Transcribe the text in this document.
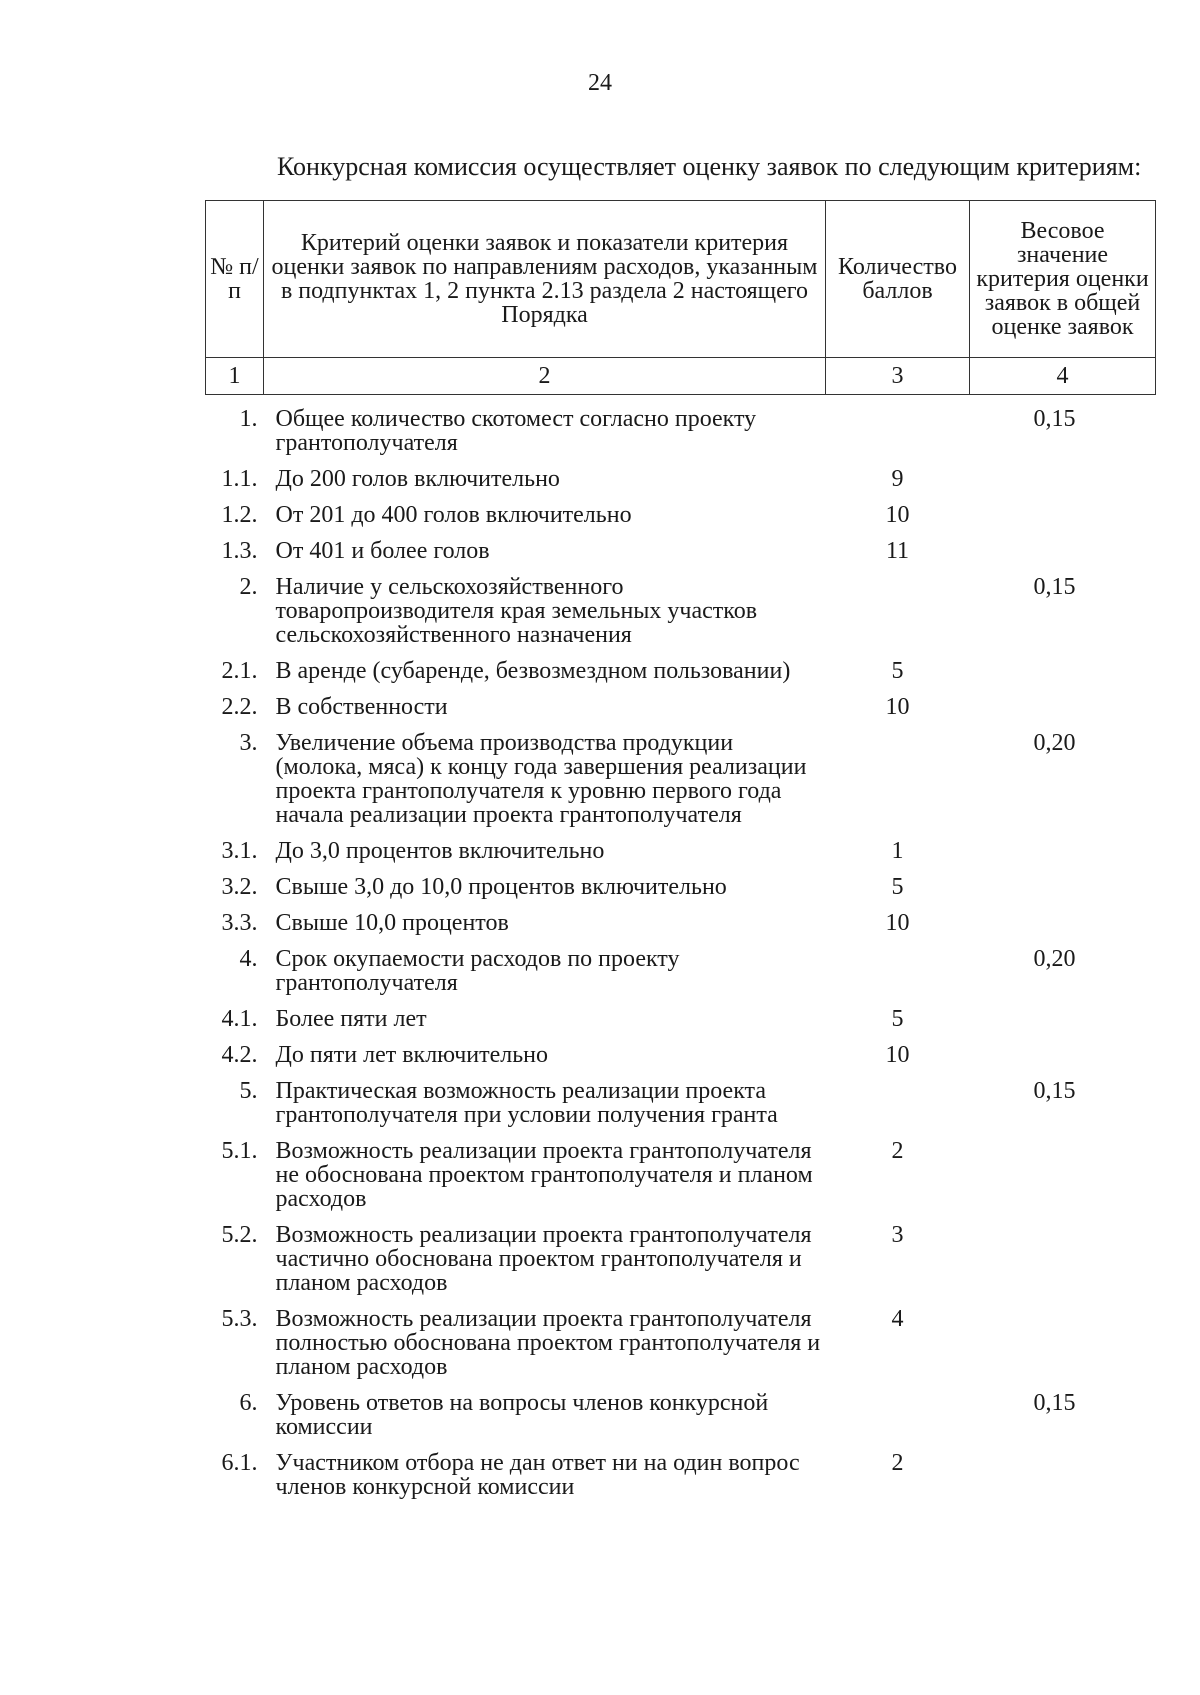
24

Конкурсная комиссия осуществляет оценку заявок по следующим критериям:

№ п/п	Критерий оценки заявок и показатели критерия оценки заявок по направлениям расходов, указанным в подпунктах 1, 2 пункта 2.13 раздела 2 настоящего Порядка	Количество баллов	Весовое значение критерия оценки заявок в общей оценке заявок
1	2	3	4
1.	Общее количество скотомест согласно проекту грантополучателя		0,15
1.1.	До 200 голов включительно	9	
1.2.	От 201 до 400 голов включительно	10	
1.3.	От 401 и более голов	11	
2.	Наличие у сельскохозяйственного товаропроизводителя края земельных участков сельскохозяйственного назначения		0,15
2.1.	В аренде (субаренде, безвозмездном пользовании)	5	
2.2.	В собственности	10	
3.	Увеличение объема производства продукции (молока, мяса) к концу года завершения реализации проекта грантополучателя к уровню первого года начала реализации проекта грантополучателя		0,20
3.1.	До 3,0 процентов включительно	1	
3.2.	Свыше 3,0 до 10,0 процентов включительно	5	
3.3.	Свыше 10,0 процентов	10	
4.	Срок окупаемости расходов по проекту грантополучателя		0,20
4.1.	Более пяти лет	5	
4.2.	До пяти лет включительно	10	
5.	Практическая возможность реализации проекта грантополучателя при условии получения гранта		0,15
5.1.	Возможность реализации проекта грантополучателя не обоснована проектом грантополучателя и планом расходов	2	
5.2.	Возможность реализации проекта грантополучателя частично обоснована проектом грантополучателя и планом расходов	3	
5.3.	Возможность реализации проекта грантополучателя полностью обоснована проектом грантополучателя и планом расходов	4	
6.	Уровень ответов на вопросы членов конкурсной комиссии		0,15
6.1.	Участником отбора не дан ответ ни на один вопрос членов конкурсной комиссии	2	
